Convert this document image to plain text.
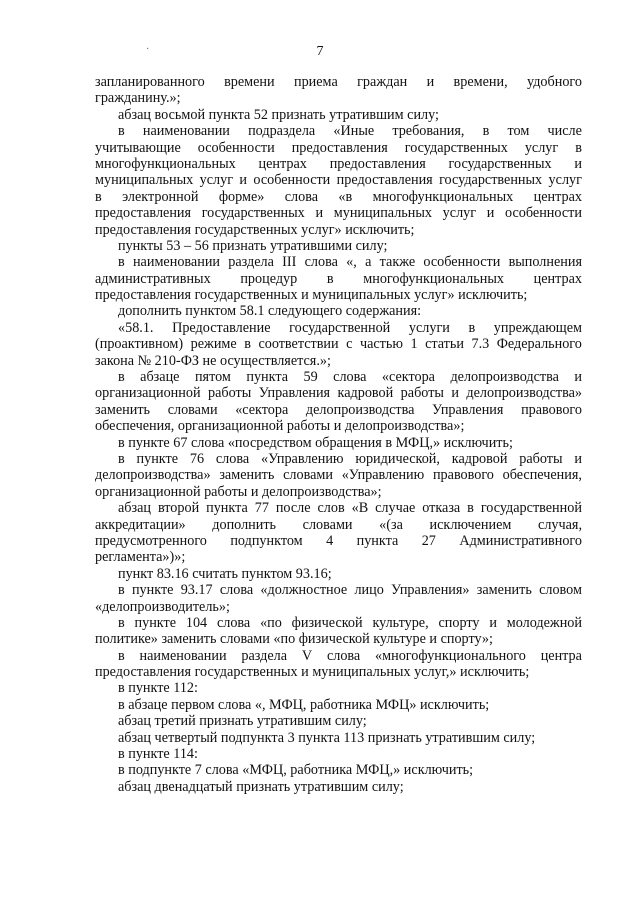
·	7
запланированного времени приема граждан и времени, удобного
гражданину.»;
абзац восьмой пункта 52 признать утратившим силу;
в наименовании подраздела «Иные требования, в том числе
учитывающие особенности предоставления государственных услуг в
многофункциональных центрах предоставления государственных и
муниципальных услуг и особенности предоставления государственных услуг
в электронной форме» слова «в многофункциональных центрах
предоставления государственных и муниципальных услуг и особенности
предоставления государственных услуг» исключить;
пункты 53 – 56 признать утратившими силу;
в наименовании раздела III слова «, а также особенности выполнения
административных процедур в многофункциональных центрах
предоставления государственных и муниципальных услуг» исключить;
дополнить пунктом 58.1 следующего содержания:
«58.1. Предоставление государственной услуги в упреждающем
(проактивном) режиме в соответствии с частью 1 статьи 7.3 Федерального
закона № 210-ФЗ не осуществляется.»;
в абзаце пятом пункта 59 слова «сектора делопроизводства и
организационной работы Управления кадровой работы и делопроизводства»
заменить словами «сектора делопроизводства Управления правового
обеспечения, организационной работы и делопроизводства»;
в пункте 67 слова «посредством обращения в МФЦ,» исключить;
в пункте 76 слова «Управлению юридической, кадровой работы и
делопроизводства» заменить словами «Управлению правового обеспечения,
организационной работы и делопроизводства»;
абзац второй пункта 77 после слов «В случае отказа в государственной
аккредитации» дополнить словами «(за исключением случая,
предусмотренного подпунктом 4 пункта 27 Административного
регламента»)»;
пункт 83.16 считать пунктом 93.16;
в пункте 93.17 слова «должностное лицо Управления» заменить словом
«делопроизводитель»;
в пункте 104 слова «по физической культуре, спорту и молодежной
политике» заменить словами «по физической культуре и спорту»;
в наименовании раздела V слова «многофункционального центра
предоставления государственных и муниципальных услуг,» исключить;
в пункте 112:
в абзаце первом слова «, МФЦ, работника МФЦ» исключить;
абзац третий признать утратившим силу;
абзац четвертый подпункта 3 пункта 113 признать утратившим силу;
в пункте 114:
в подпункте 7 слова «МФЦ, работника МФЦ,» исключить;
абзац двенадцатый признать утратившим силу;
